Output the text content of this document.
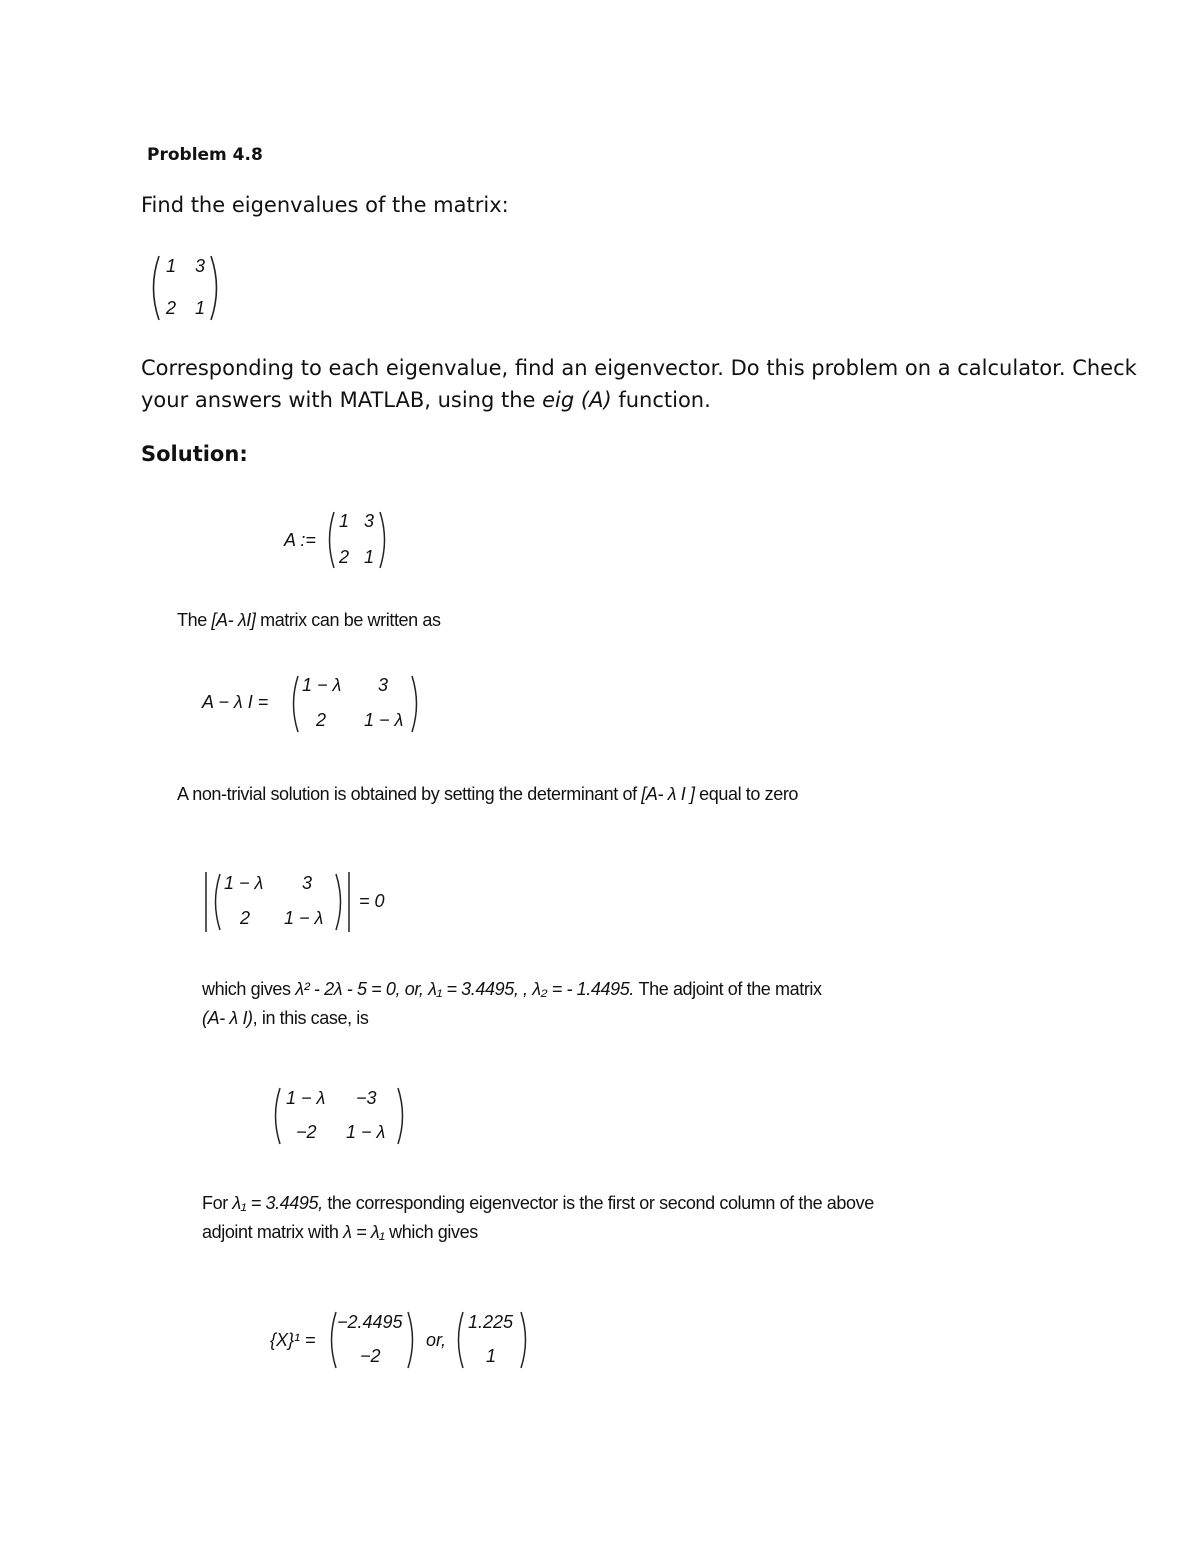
Problem 4.8
Find the eigenvalues of the matrix:
1 3
2 1
Corresponding to each eigenvalue, find an eigenvector. Do this problem on a calculator. Check
your answers with MATLAB, using the eig (A) function.
Solution:
A :=
1 3
2 1
The [A- λI] matrix can be written as
A − λ I =
1 − λ 3
2 1 − λ
A non-trivial solution is obtained by setting the determinant of [A- λ I ] equal to zero
1 − λ 3
2 1 − λ
= 0
which gives λ² - 2λ - 5 = 0, or, λ₁ = 3.4495, , λ₂ = - 1.4495. The adjoint of the matrix
(A- λ I), in this case, is
1 − λ −3
−2 1 − λ
For λ₁ = 3.4495, the corresponding eigenvector is the first or second column of the above
adjoint matrix with λ = λ₁ which gives
{X}¹ =
−2.4495
−2
or,
1.225
1
